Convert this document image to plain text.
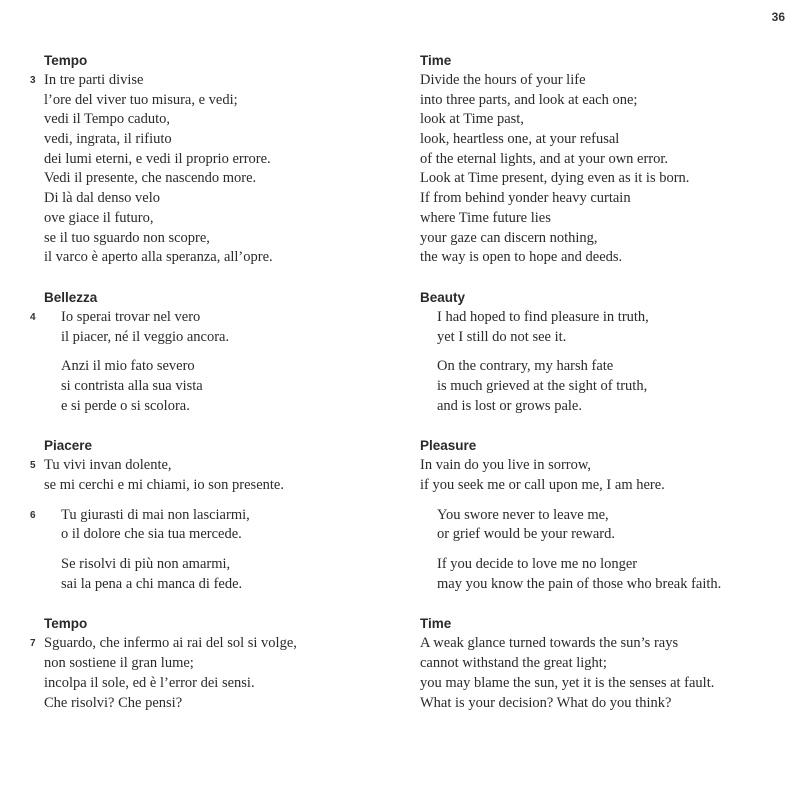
36
Tempo
3 In tre parti divise
l’ore del viver tuo misura, e vedi;
vedi il Tempo caduto,
vedi, ingrata, il rifiuto
dei lumi eterni, e vedi il proprio errore.
Vedi il presente, che nascendo more.
Di là dal denso velo
ove giace il futuro,
se il tuo sguardo non scopre,
il varco è aperto alla speranza, all’opre.
Bellezza
4	Io sperai trovar nel vero
il piacer, né il veggio ancora.
Anzi il mio fato severo
si contrista alla sua vista
e si perde o si scolora.
Piacere
5 Tu vivi invan dolente,
se mi cerchi e mi chiami, io son presente.
6	Tu giurasti di mai non lasciarmi,
o il dolore che sia tua mercede.
Se risolvi di più non amarmi,
sai la pena a chi manca di fede.
Tempo
7 Sguardo, che infermo ai rai del sol si volge,
non sostiene il gran lume;
incolpa il sole, ed è l’error dei sensi.
Che risolvi? Che pensi?
Time
Divide the hours of your life
into three parts, and look at each one;
look at Time past,
look, heartless one, at your refusal
of the eternal lights, and at your own error.
Look at Time present, dying even as it is born.
If from behind yonder heavy curtain
where Time future lies
your gaze can discern nothing,
the way is open to hope and deeds.
Beauty
I had hoped to find pleasure in truth,
yet I still do not see it.
On the contrary, my harsh fate
is much grieved at the sight of truth,
and is lost or grows pale.
Pleasure
In vain do you live in sorrow,
if you seek me or call upon me, I am here.
You swore never to leave me,
or grief would be your reward.
If you decide to love me no longer
may you know the pain of those who break faith.
Time
A weak glance turned towards the sun’s rays
cannot withstand the great light;
you may blame the sun, yet it is the senses at fault.
What is your decision? What do you think?
